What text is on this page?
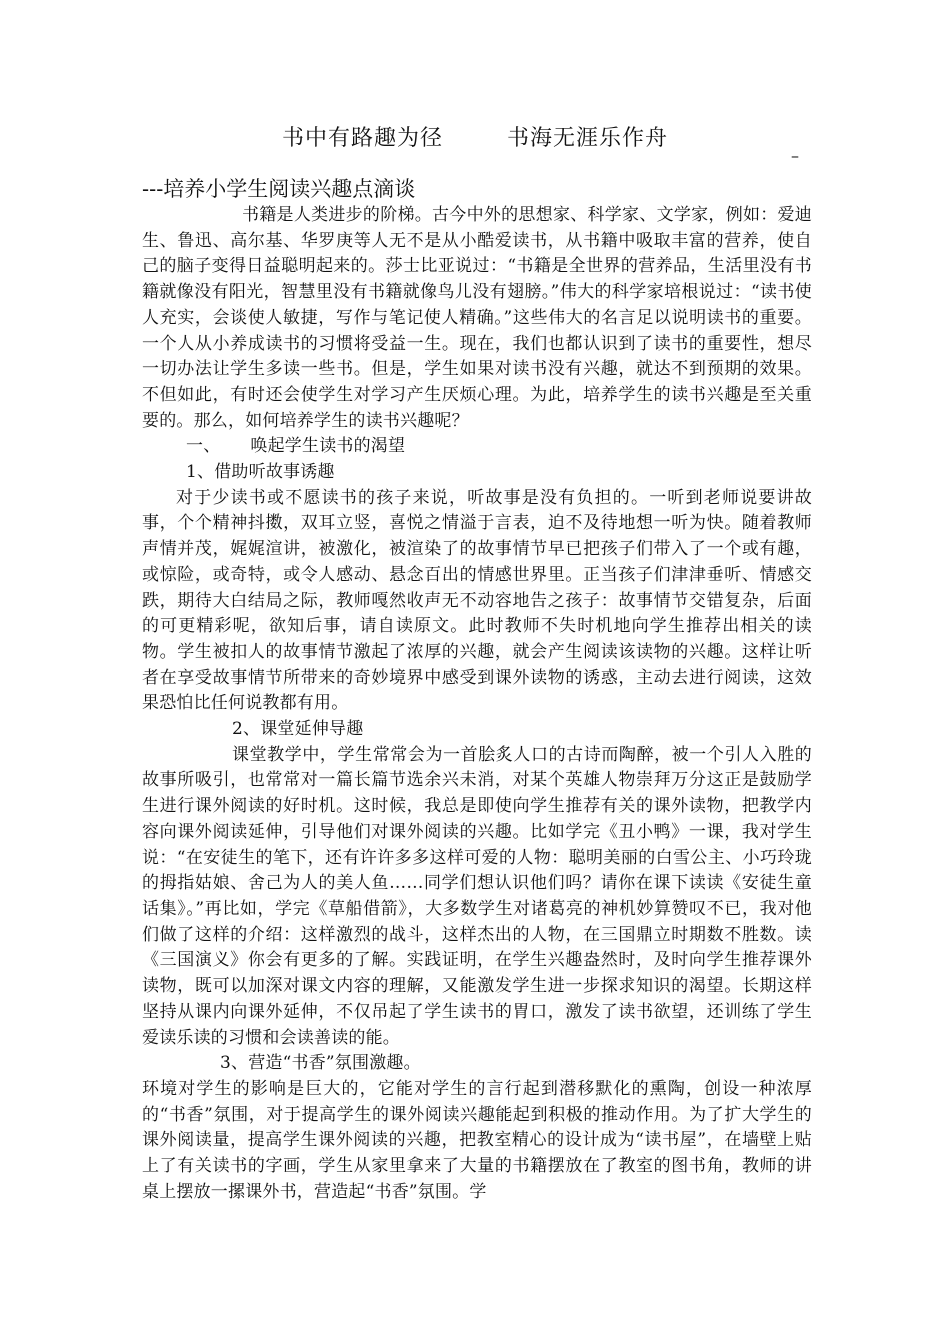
书中有路趣为径	书海无涯乐作舟
–
---培养小学生阅读兴趣点滴谈

书籍是人类进步的阶梯。古今中外的思想家、科学家、文学家，例如：爱迪生、鲁迅、高尔基、华罗庚等人无不是从小酷爱读书，从书籍中吸取丰富的营养，使自己的脑子变得日益聪明起来的。莎士比亚说过：“书籍是全世界的营养品，生活里没有书籍就像没有阳光，智慧里没有书籍就像鸟儿没有翅膀。”伟大的科学家培根说过：“读书使人充实，会谈使人敏捷，写作与笔记使人精确。”这些伟大的名言足以说明读书的重要。一个人从小养成读书的习惯将受益一生。现在，我们也都认识到了读书的重要性，想尽一切办法让学生多读一些书。但是，学生如果对读书没有兴趣，就达不到预期的效果。不但如此，有时还会使学生对学习产生厌烦心理。为此，培养学生的读书兴趣是至关重要的。那么，如何培养学生的读书兴趣呢？

一、 唤起学生读书的渴望

1、借助听故事诱趣

对于少读书或不愿读书的孩子来说，听故事是没有负担的。一听到老师说要讲故事，个个精神抖擞，双耳立竖，喜悦之情溢于言表，迫不及待地想一听为快。随着教师声情并茂，娓娓渲讲，被激化，被渲染了的故事情节早已把孩子们带入了一个或有趣，或惊险，或奇特，或令人感动、悬念百出的情感世界里。正当孩子们津津垂听、情感交跌，期待大白结局之际，教师嘎然收声无不动容地告之孩子：故事情节交错复杂，后面的可更精彩呢，欲知后事，请自读原文。此时教师不失时机地向学生推荐出相关的读物。学生被扣人的故事情节激起了浓厚的兴趣，就会产生阅读该读物的兴趣。这样让听者在享受故事情节所带来的奇妙境界中感受到课外读物的诱惑，主动去进行阅读，这效果恐怕比任何说教都有用。

2、课堂延伸导趣

课堂教学中，学生常常会为一首脍炙人口的古诗而陶醉，被一个引人入胜的故事所吸引，也常常对一篇长篇节选余兴未消，对某个英雄人物崇拜万分这正是鼓励学生进行课外阅读的好时机。这时候，我总是即使向学生推荐有关的课外读物，把教学内容向课外阅读延伸，引导他们对课外阅读的兴趣。比如学完《丑小鸭》一课，我对学生说：“在安徒生的笔下，还有许许多多这样可爱的人物：聪明美丽的白雪公主、小巧玲珑的拇指姑娘、舍己为人的美人鱼……同学们想认识他们吗？请你在课下读读《安徒生童话集》。”再比如，学完《草船借箭》，大多数学生对诸葛亮的神机妙算赞叹不已，我对他们做了这样的介绍：这样激烈的战斗，这样杰出的人物，在三国鼎立时期数不胜数。读《三国演义》你会有更多的了解。实践证明，在学生兴趣盎然时，及时向学生推荐课外读物，既可以加深对课文内容的理解，又能激发学生进一步探求知识的渴望。长期这样坚持从课内向课外延伸，不仅吊起了学生读书的胃口，激发了读书欲望，还训练了学生爱读乐读的习惯和会读善读的能。

3、营造“书香”氛围激趣。

环境对学生的影响是巨大的，它能对学生的言行起到潜移默化的熏陶，创设一种浓厚的“书香”氛围，对于提高学生的课外阅读兴趣能起到积极的推动作用。为了扩大学生的课外阅读量，提高学生课外阅读的兴趣，把教室精心的设计成为“读书屋”，在墙壁上贴上了有关读书的字画，学生从家里拿来了大量的书籍摆放在了教室的图书角，教师的讲桌上摆放一摞课外书，营造起“书香”氛围。学
